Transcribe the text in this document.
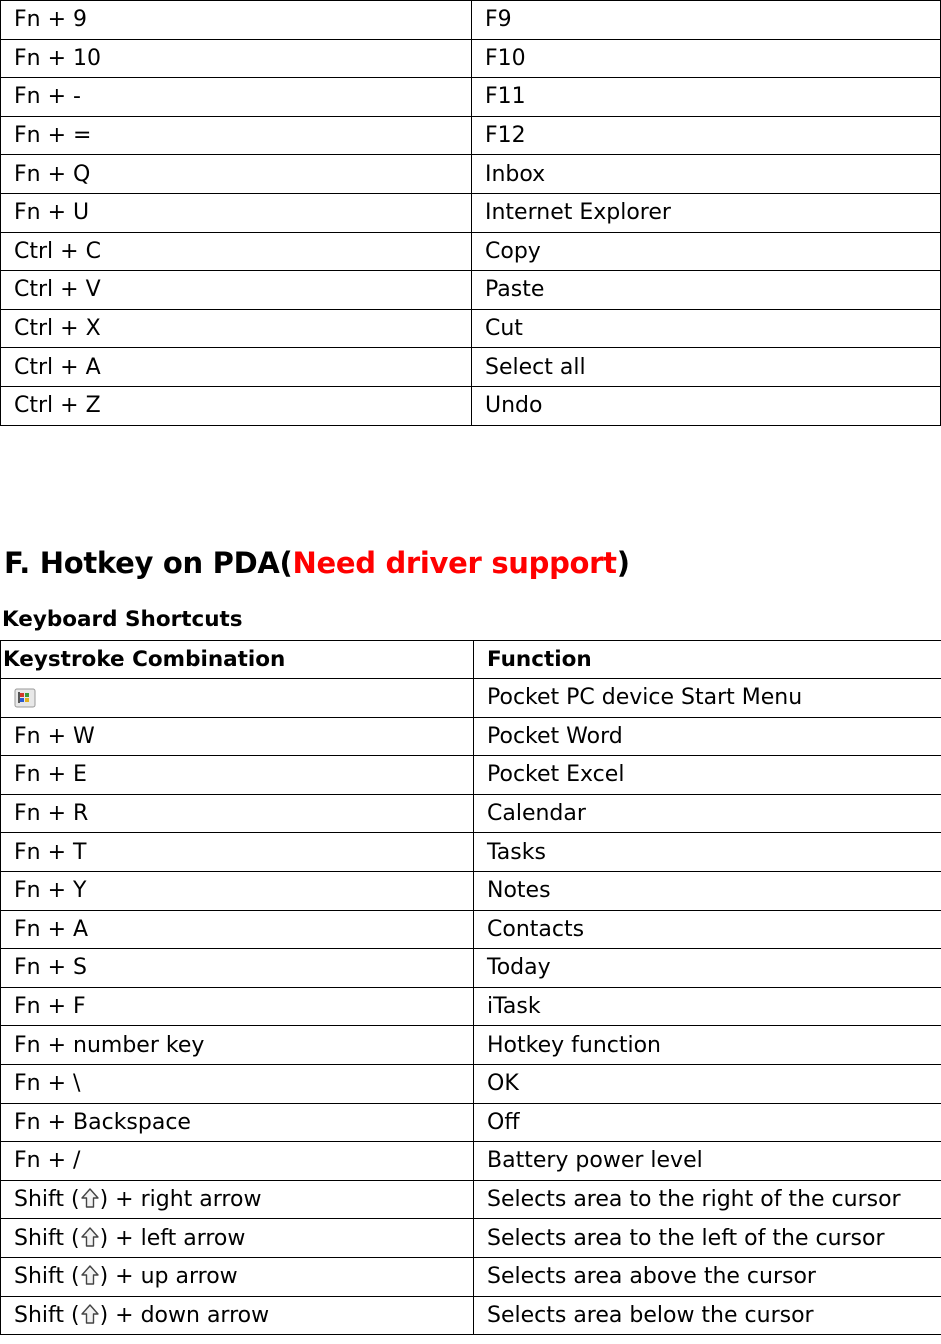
Fn + 9	F9
Fn + 10	F10
Fn + -	F11
Fn + =	F12
Fn + Q	Inbox
Fn + U	Internet Explorer
Ctrl + C	Copy
Ctrl + V	Paste
Ctrl + X	Cut
Ctrl + A	Select all
Ctrl + Z	Undo
F. Hotkey on PDA(Need driver support)
Keyboard Shortcuts
Keystroke Combination	Function
	Pocket PC device Start Menu
Fn + W	Pocket Word
Fn + E	Pocket Excel
Fn + R	Calendar
Fn + T	Tasks
Fn + Y	Notes
Fn + A	Contacts
Fn + S	Today
Fn + F	iTask
Fn + number key	Hotkey function
Fn + \	OK
Fn + Backspace	Off
Fn + /	Battery power level
Shift ( ) + right arrow	Selects area to the right of the cursor
Shift ( ) + left arrow	Selects area to the left of the cursor
Shift ( ) + up arrow	Selects area above the cursor
Shift ( ) + down arrow	Selects area below the cursor
